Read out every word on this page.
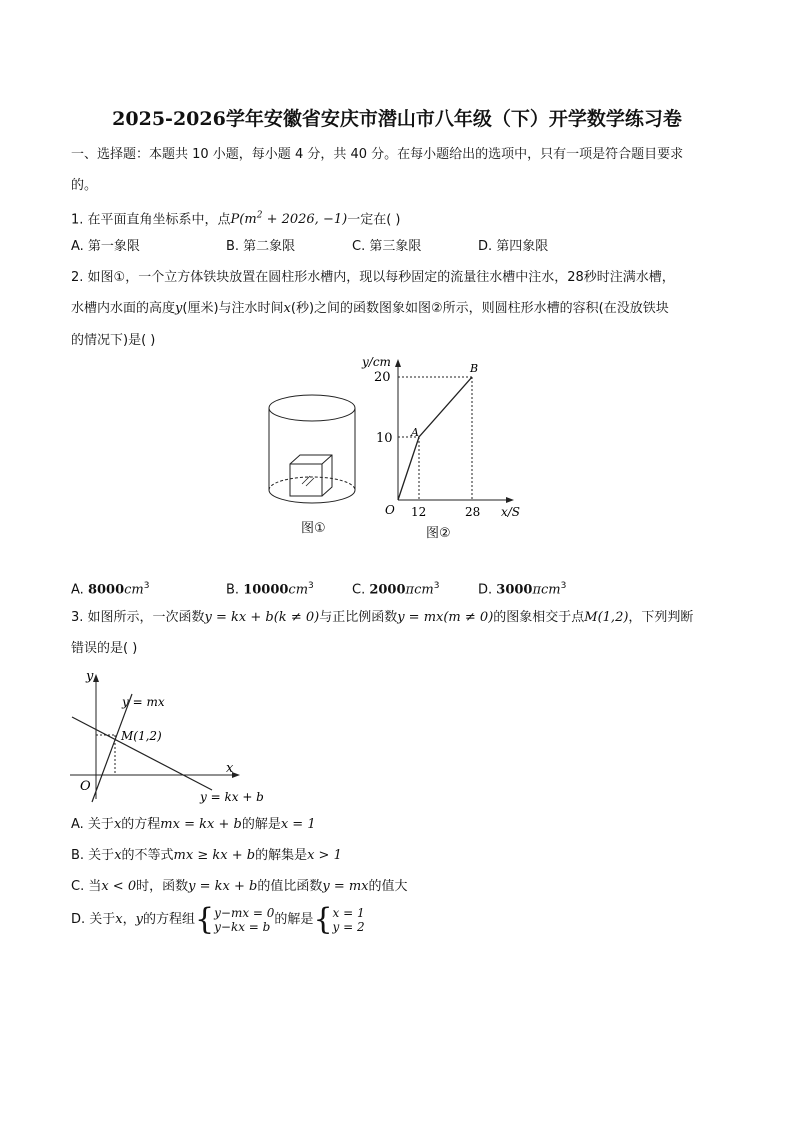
2025-2026学年安徽省安庆市潜山市八年级（下）开学数学练习卷
一、选择题：本题共 10 小题，每小题 4 分，共 40 分。在每小题给出的选项中，只有一项是符合题目要求
的。
1. 在平面直角坐标系中，点$P(m^2 + 2026$, −1)一定在( )
A. 第一象限	B. 第二象限	C. 第三象限	D. 第四象限
2. 如图①，一个立方体铁块放置在圆柱形水槽内，现以每秒固定的流量往水槽中注水，28秒时注满水槽，
水槽内水面的高度y(厘米)与注水时间x(秒)之间的函数图象如图②所示，则圆柱形水槽的容积(在没放铁块
的情况下)是( )
图①
y/cm
20
10 A
B
O 12	28 x/S
图②
A. $8000cm^3$	B. $10000cm^3$	C. 2000πcm$^3$	D. 3000πcm$^3$
3. 如图所示，一次函数y = kx + b(k ≠ 0)与正比例函数y = mx(m ≠ 0)的图象相交于点M(1,2)，下列判断
错误的是( )
y
x
O
y = mx
M(1,2)
y = kx + b
A. 关于x的方程mx = kx + b的解是x = 1
B. 关于x的不等式mx ≥ kx + b的解集是x > 1
C. 当x < 0时，函数y = kx + b的值比函数y = mx的值大
D. 关于 x ， y 的方程组 { y−mx = 0
y−kx = b 的解是 { x = 1
y = 2
